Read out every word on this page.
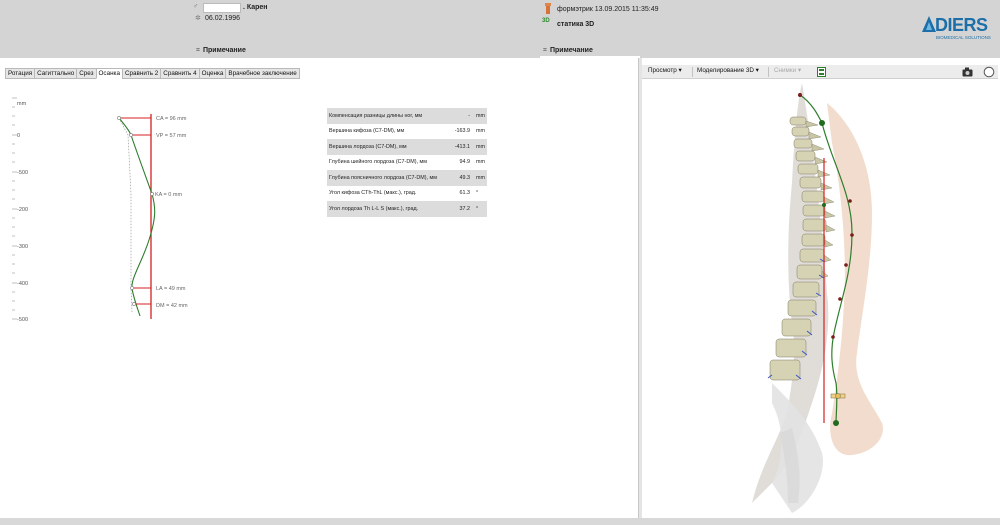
♂	. Карен
✲ 06.02.1996
⌗ Примечание
формэтрик 13.09.2015 11:35:49
3D статика 3D
⌗ Примечание
DIERS
BIOMEDICAL SOLUTIONS
Ротация Сагиттально Срез Осанка Сравнить 2 Сравнить 4 Оценка Врачебное заключение
mm
0
-500
-200
-300
-400
-500
CA = 96 mm
VP = 57 mm
KA = 0 mm
LA = 49 mm
DM = 42 mm
Компенсация разницы длины ног, мм	-	mm
Вершина кифоза (C7-DM), мм	-163.9	mm
Вершина лордоза (C7-DM), мм	-413.1	mm
Глубина шейного лордоза (C7-DM), мм	94.9	mm
Глубина поясничного лордоза (C7-DM), мм	49.3	mm
Угол кифоза CTh-ThL (макс.), град.	61.3	°
Угол лордоза Th L-L S (макс.), град.	37.2	°
Просмотр ▾ Моделирование 3D ▾ Снимки ▾
